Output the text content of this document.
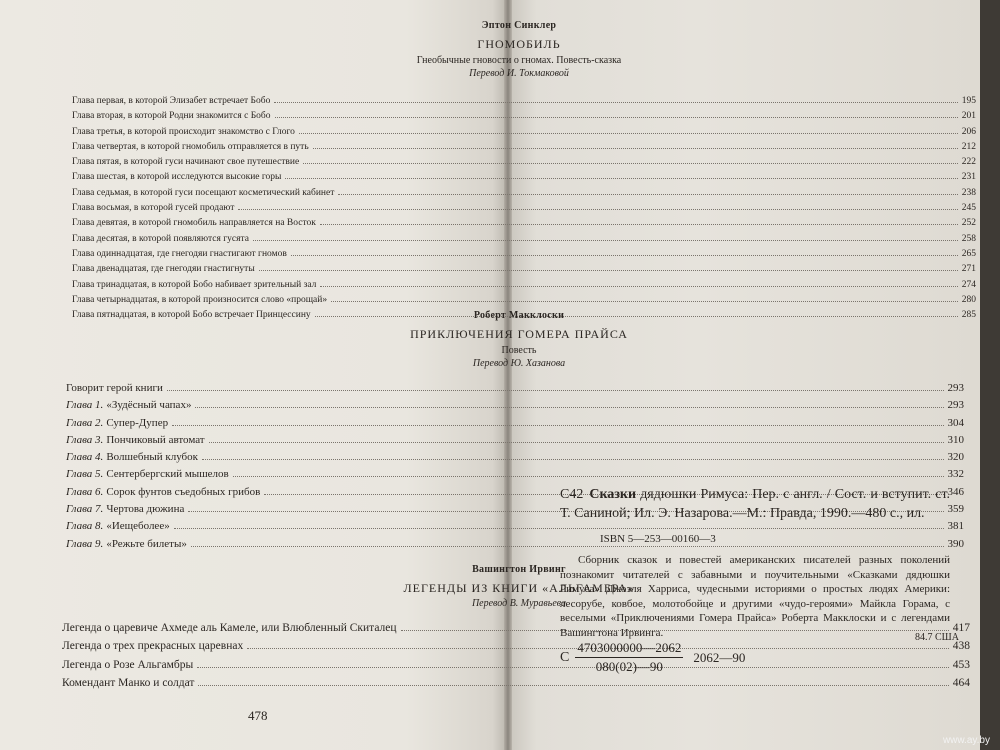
Эптон Синклер
ГНОМОБИЛЬ
Гнеобычные гновости о гномах. Повесть-сказка
Перевод И. Токмаковой
Глава первая, в которой Элизабет встречает Бобо	195
Глава вторая, в которой Родни знакомится с Бобо	201
Глава третья, в которой происходит знакомство с Глого	206
Глава четвертая, в которой гномобиль отправляется в путь	212
Глава пятая, в которой гуси начинают свое путешествие	222
Глава шестая, в которой исследуются высокие горы	231
Глава седьмая, в которой гуси посещают косметический кабинет	238
Глава восьмая, в которой гусей продают	245
Глава девятая, в которой гномобиль направляется на Восток	252
Глава десятая, в которой появляются гусята	258
Глава одиннадцатая, где гнегодяи гнастигают гномов	265
Глава двенадцатая, где гнегодяи гнастигнуты	271
Глава тринадцатая, в которой Бобо набивает зрительный зал	274
Глава четырнадцатая, в которой произносится слово «прощай»	280
Глава пятнадцатая, в которой Бобо встречает Принцессину	285
Роберт Макклоски
ПРИКЛЮЧЕНИЯ ГОМЕРА ПРАЙСА
Повесть
Перевод Ю. Хазанова
Говорит герой книги	293
Глава 1. «Зудёсный чапах»	293
Глава 2. Супер-Дупер	304
Глава 3. Пончиковый автомат	310
Глава 4. Волшебный клубок	320
Глава 5. Сентербергский мышелов	332
Глава 6. Сорок фунтов съедобных грибов	346
Глава 7. Чертова дюжина	359
Глава 8. «Иещеболее»	381
Глава 9. «Режьте билеты»	390
Вашингтон Ирвинг
ЛЕГЕНДЫ ИЗ КНИГИ «АЛЬГАМБРА»
Перевод В. Муравьева
Легенда о царевиче Ахмеде аль Камеле, или Влюбленный Скиталец	417
Легенда о трех прекрасных царевнах	438
Легенда о Розе Альгамбры	453
Комендант Манко и солдат	464
478
С42 Сказки дядюшки Римуса: Пер. с англ. / Сост. и вступит. ст. Т. Саниной; Ил. Э. Назарова.—М.: Правда, 1990.—480 с., ил.
ISBN 5—253—00160—3
Сборник сказок и повестей американских писателей разных поколений познакомит читателей с забавными и поучительными «Сказками дядюшки Римуса» Джоэля Харриса, чудесными историями о простых людях Америки: лесорубе, ковбое, молотобойце и другими «чудо-героями» Майкла Горама, с веселыми «Приключениями Гомера Прайса» Роберта Макклоски и с легендами Вашингтона Ирвинга.	84.7 США
С $\frac{4703000000—2062}{080(02)—90}$ 2062—90
www.ay.by
